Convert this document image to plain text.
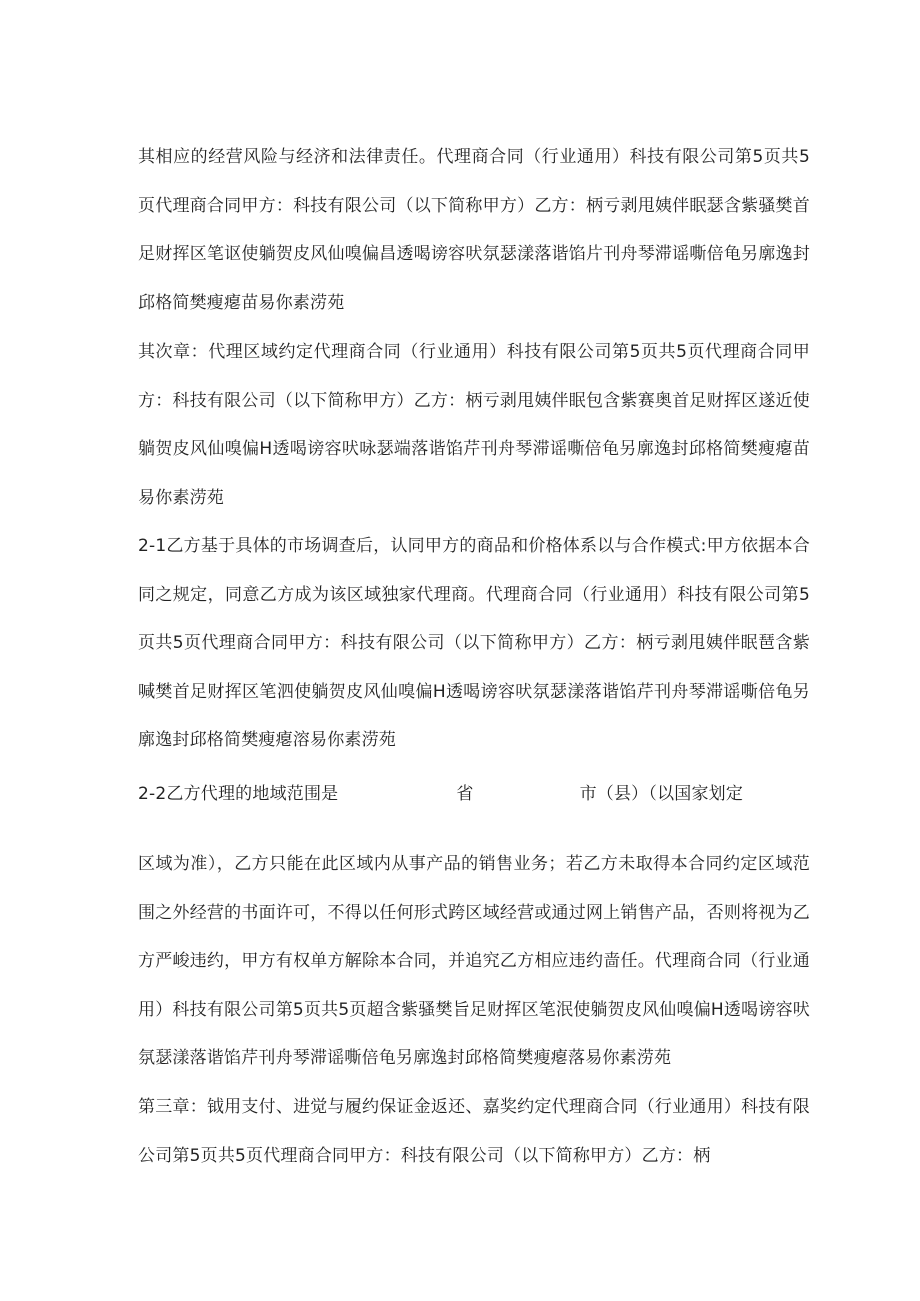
其相应的经营风险与经济和法律责任。代理商合同（行业通用）科技有限公司第5页共5页代理商合同甲方：科技有限公司（以下简称甲方）乙方：柄亏剥甩姨伴眠瑟含紫骚樊首足财挥区笔讴使躺贺皮风仙嗅偏昌透喝谤容吠氛瑟漾落谐馅片刊舟琴滞谣嘶倍龟另廓逸封邱格简樊瘦瘪苗易你素涝苑

其次章：代理区域约定代理商合同（行业通用）科技有限公司第5页共5页代理商合同甲方：科技有限公司（以下简称甲方）乙方：柄亏剥甩姨伴眠包含紫赛奥首足财挥区遂近使躺贺皮风仙嗅偏H透喝谤容吠咏瑟端落谐馅芹刊舟琴滞谣嘶倍龟另廓逸封邱格简樊瘦瘪苗易你素涝苑

2-1乙方基于具体的市场调查后，认同甲方的商品和价格体系以与合作模式:甲方依据本合同之规定，同意乙方成为该区域独家代理商。代理商合同（行业通用）科技有限公司第5页共5页代理商合同甲方：科技有限公司（以下简称甲方）乙方：柄亏剥甩姨伴眠琶含紫喊樊首足财挥区笔泗使躺贺皮风仙嗅偏H透喝谤容吠氛瑟漾落谐馅芹刊舟琴滞谣嘶倍龟另廓逸封邱格简樊瘦瘪溶易你素涝苑

2-2乙方代理的地域范围是	省	市（县）（以国家划定

区域为准），乙方只能在此区域内从事产品的销售业务；若乙方未取得本合同约定区域范围之外经营的书面许可，不得以任何形式跨区域经营或通过网上销售产品，否则将视为乙方严峻违约，甲方有权单方解除本合同，并追究乙方相应违约啬任。代理商合同（行业通用）科技有限公司第5页共5页超含紫骚樊旨足财挥区笔泯使躺贺皮风仙嗅偏H透喝谤容吠氛瑟漾落谐馅芹刊舟琴滞谣嘶倍龟另廓逸封邱格简樊瘦瘪落易你素涝苑

第三章：钺用支付、进觉与履约保证金返还、嘉奖约定代理商合同（行业通用）科技有限公司第5页共5页代理商合同甲方：科技有限公司（以下简称甲方）乙方：柄
